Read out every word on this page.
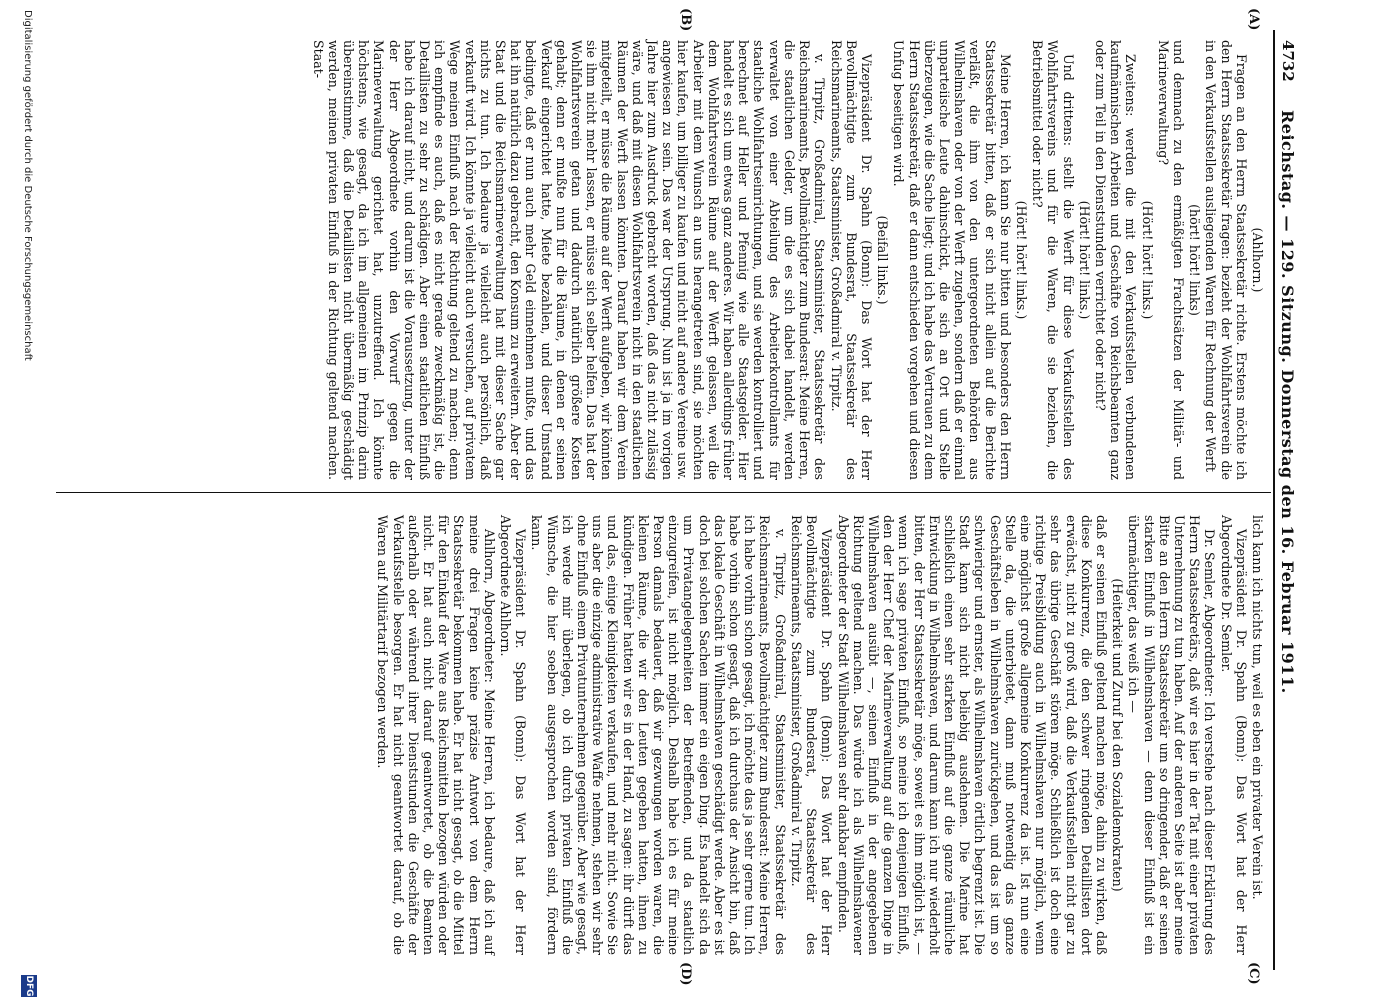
4732
Reichstag. — 129. Sitzung. Donnerstag den 16. Februar 1911.
(A)
(B)
(C)
(D)

(Ahlhorn.)

Fragen an den Herrn Staatssekretär richte. Erstens möchte ich den Herrn Staatssekretär fragen: bezieht der Wohlfahrtsverein die in den Verkaufsstellen ausliegenden Waren für Rechnung der Werft

(hört! hört! links)

und demnach zu den ermäßigten Frachtsätzen der Militär- und Marineverwaltung?

(Hört! hört! links.)

Zweitens: werden die mit den Verkaufsstellen verbundenen kaufmännischen Arbeiten und Geschäfte von Reichsbeamten ganz oder zum Teil in den Dienststunden verrichtet oder nicht?

(Hört! hört! links.)

Und drittens: stellt die Werft für diese Verkaufsstellen des Wohlfahrtsvereins und für die Waren, die sie beziehen, die Betriebsmittel oder nicht?

(Hört! hört! links.)

Meine Herren, ich kann Sie nur bitten und besonders den Herrn Staatssekretär bitten, daß er sich nicht allein auf die Berichte verläßt, die ihm von den untergeordneten Behörden aus Wilhelmshaven oder von der Werft zugehen, sondern daß er einmal unparteiische Leute dahinschickt, die sich an Ort und Stelle überzeugen, wie die Sache liegt; und ich habe das Vertrauen zu dem Herrn Staatssekretär, daß er dann entschieden vorgehen und diesen Unfug beseitigen wird.

(Beifall links.)

Vizepräsident Dr. Spahn (Bonn): Das Wort hat der Herr Bevollmächtigte zum Bundesrat, Staatssekretär des Reichsmarineamts, Staatsminister, Großadmiral v. Tirpitz.

v. Tirpitz, Großadmiral, Staatsminister, Staatssekretär des Reichsmarineamts, Bevollmächtigter zum Bundesrat: Meine Herren, die staatlichen Gelder, um die es sich dabei handelt, werden verwaltet von einer Abteilung des Arbeiterkontrollamts für staatliche Wohlfahrtseinrichtungen, und sie werden kontrolliert und berechnet auf Heller und Pfennig wie alle Staatsgelder. Hier handelt es sich um etwas ganz anderes. Wir haben allerdings früher dem Wohlfahrtsverein Räume auf der Werft gelassen, weil die Arbeiter mit dem Wunsch an uns herangetreten sind, sie möchten hier kaufen, um billiger zu kaufen und nicht auf andere Vereine usw. angewiesen zu sein. Das war der Ursprung. Nun ist ja im vorigen Jahre hier zum Ausdruck gebracht worden, daß das nicht zulässig wäre, und daß mit diesen Wohlfahrtsverein nicht in den staatlichen Räumen der Werft lassen könnten. Darauf haben wir dem Verein mitgeteilt, er müsse die Räume auf der Werft aufgeben, wir könnten sie ihm nicht mehr lassen, er müsse sich selber helfen. Das hat der Wohlfahrtsverein getan und dadurch natürlich größere Kosten gehabt; denn er mußte nun für die Räume, in denen er seinen Verkauf eingerichtet hatte, Miete bezahlen, und dieser Umstand bedingte, daß er nun auch mehr Geld einnehmen mußte, und das hat ihn natürlich dazu gebracht, den Konsum zu erweitern. Aber der Staat und die Reichsmarineverwaltung hat mit dieser Sache gar nichts zu tun. Ich bedaure ja vielleicht auch persönlich, daß verkauft wird. Ich könnte ja vielleicht auch versuchen, auf privatem Wege meinen Einfluß nach der Richtung geltend zu machen; denn ich empfinde es auch, daß es nicht gerade zweckmäßig ist, die Detaillisten zu sehr zu schädigen. Aber einen staatlichen Einfluß habe ich darauf nicht, und darum ist die Voraussetzung, unter der der Herr Abgeordnete vorhin den Vorwurf gegen die Marineverwaltung gerichtet hat, unzutreffend. Ich könnte höchstens, wie gesagt, da ich im allgemeinen im Prinzip darin übereinstimme, daß die Detaillisten nicht übermäßig geschädigt werden, meinen privaten Einfluß in der Richtung geltend machen. Staat-

lich kann ich nichts tun, weil es eben ein privater Verein ist.

Vizepräsident Dr. Spahn (Bonn): Das Wort hat der Herr Abgeordnete Dr. Semler.

Dr. Semler, Abgeordneter: Ich verstehe nach dieser Erklärung des Herrn Staatssekretärs, daß wir es hier in der Tat mit einer privaten Unternehmung zu tun haben. Auf der anderen Seite ist aber meine Bitte an den Herrn Staatssekretär um so dringender, daß er seinen starken Einfluß in Wilhelmshaven — denn dieser Einfluß ist ein übermächtiger, das weiß ich —

(Heiterkeit und Zuruf bei den Sozialdemokraten)

daß er seinen Einfluß geltend machen möge, dahin zu wirken, daß diese Konkurrenz, die den schwer ringenden Detaillisten dort erwächst, nicht zu groß wird, daß die Verkaufsstellen nicht gar zu sehr das übrige Geschäft stören möge. Schließlich ist doch eine richtige Preisbildung auch in Wilhelmshaven nur möglich, wenn eine möglichst große allgemeine Konkurrenz da ist. Ist nun eine Stelle da, die unterbietet, dann muß notwendig das ganze Geschäftsleben in Wilhelmshaven zurückgehen, und das ist um so schwieriger und ernster, als Wilhelmshaven örtlich begrenzt ist. Die Stadt kann sich nicht beliebig ausdehnen. Die Marine hat schließlich einen sehr starken Einfluß auf die ganze räumliche Entwicklung in Wilhelmshaven, und darum kann ich nur wiederholt bitten, der Herr Staatssekretär möge, soweit es ihm möglich ist, — wenn ich sage privaten Einfluß, so meine ich denjenigen Einfluß, den der Herr Chef der Marineverwaltung auf die ganzen Dinge in Wilhelmshaven ausübt —, seinen Einfluß in der angegebenen Richtung geltend machen. Das würde ich als Wilhelmshavener Abgeordneter der Stadt Wilhelmshaven sehr dankbar empfinden.

Vizepräsident Dr. Spahn (Bonn): Das Wort hat der Herr Bevollmächtigte zum Bundesrat, Staatssekretär des Reichsmarineamts, Staatsminister, Großadmiral v. Tirpitz.

v. Tirpitz, Großadmiral, Staatsminister, Staatssekretär des Reichsmarineamts, Bevollmächtigter zum Bundesrat: Meine Herren, ich habe vorhin schon gesagt, ich möchte das ja sehr gerne tun. Ich habe vorhin schon gesagt, daß ich durchaus der Ansicht bin, daß das lokale Geschäft in Wilhelmshaven geschädigt werde. Aber es ist doch bei solchen Sachen immer ein eigen Ding. Es handelt sich da um Privatangelegenheiten der Betreffenden, und da staatlich einzugreifen, ist nicht möglich. Deshalb habe ich es für meine Person damals bedauert, daß wir gezwungen worden waren, die kleinen Räume, die wir den Leuten gegeben hatten, ihnen zu kündigen. Früher hatten wir es in der Hand, zu sagen: ihr dürft das und das, einige Kleinigkeiten verkaufen, und mehr nicht. Sowie Sie uns aber die einzige administrative Waffe nehmen, stehen wir sehr ohne Einfluß einem Privatunternehmen gegenüber. Aber wie gesagt, ich werde mir überlegen, ob ich durch privaten Einfluß die Wünsche, die hier soeben ausgesprochen worden sind, fördern kann.

Vizepräsident Dr. Spahn (Bonn): Das Wort hat der Herr Abgeordnete Ahlhorn.

Ahlhorn, Abgeordneter: Meine Herren, ich bedaure, daß ich auf meine drei Fragen keine präzise Antwort von dem Herrn Staatssekretär bekommen habe. Er hat nicht gesagt, ob die Mittel für den Einkauf der Ware aus Reichsmitteln bezogen würden oder nicht. Er hat auch nicht darauf geantwortet, ob die Beamten außerhalb oder während ihrer Dienststunden die Geschäfte der Verkaufsstelle besorgen. Er hat nicht geantwortet darauf, ob die Waren auf Militärtarif bezogen werden.

Digitalisierung gefördert durch die Deutsche Forschungsgemeinschaft
DFG
